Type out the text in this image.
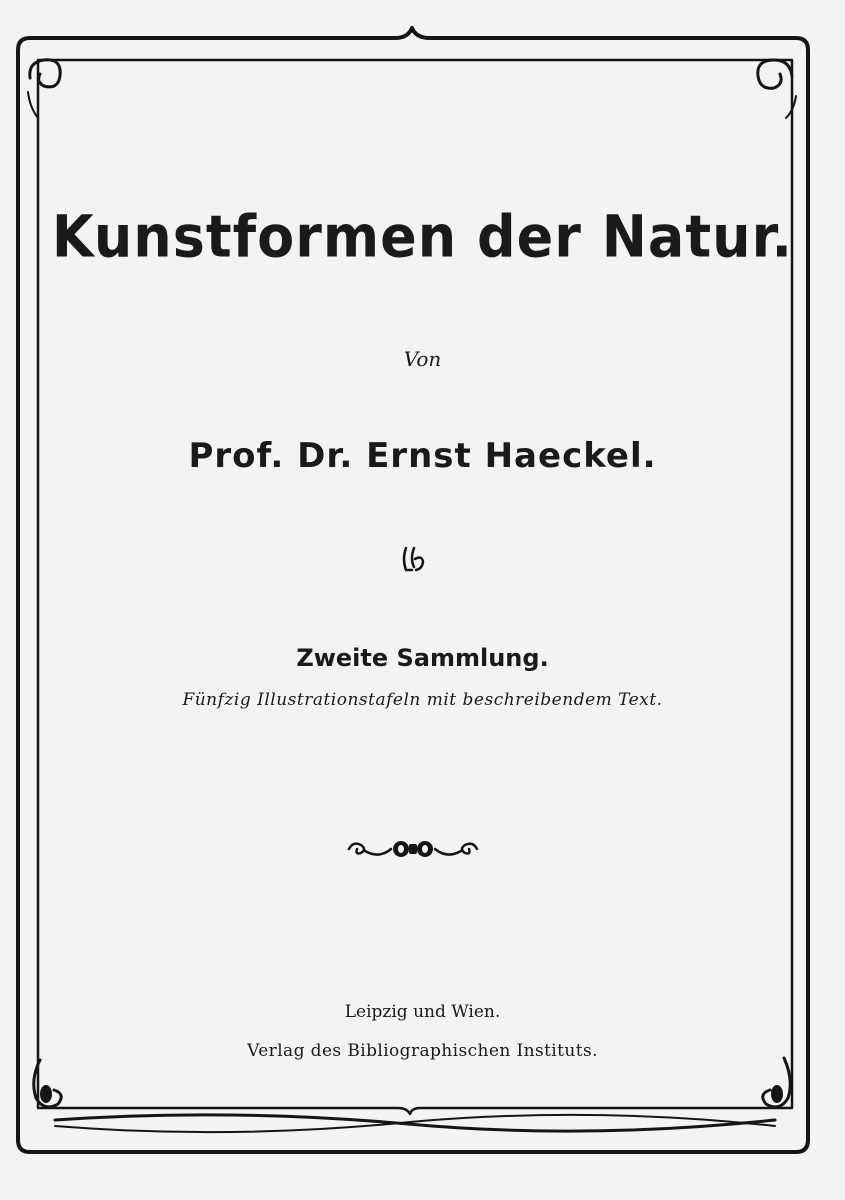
Kunstformen der Natur.
Von
Prof. Dr. Ernst Haeckel.
Zweite Sammlung.
Fünfzig Illustrationstafeln mit beschreibendem Text.
Leipzig und Wien.
Verlag des Bibliographischen Instituts.
